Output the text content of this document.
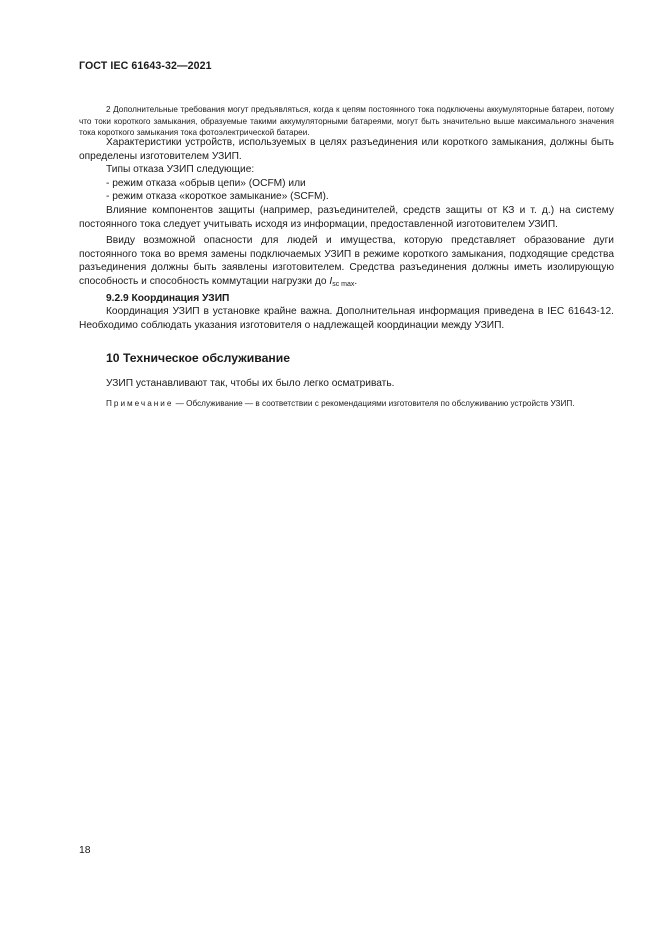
ГОСТ IEC 61643-32—2021

2 Дополнительные требования могут предъявляться, когда к цепям постоянного тока подключены аккумуляторные батареи, потому что токи короткого замыкания, образуемые такими аккумуляторными батареями, могут быть значительно выше максимального значения тока короткого замыкания тока фотоэлектрической батареи.

Характеристики устройств, используемых в целях разъединения или короткого замыкания, должны быть определены изготовителем УЗИП.

Типы отказа УЗИП следующие:

- режим отказа «обрыв цепи» (OCFM) или

- режим отказа «короткое замыкание» (SCFM).

Влияние компонентов защиты (например, разъединителей, средств защиты от КЗ и т. д.) на систему постоянного тока следует учитывать исходя из информации, предоставленной изготовителем УЗИП.

Ввиду возможной опасности для людей и имущества, которую представляет образование дуги постоянного тока во время замены подключаемых УЗИП в режиме короткого замыкания, подходящие средства разъединения должны быть заявлены изготовителем. Средства разъединения должны иметь изолирующую способность и способность коммутации нагрузки до $I_{sc max}$.

9.2.9 Координация УЗИП

Координация УЗИП в установке крайне важна. Дополнительная информация приведена в IEC 61643-12. Необходимо соблюдать указания изготовителя о надлежащей координации между УЗИП.

10 Техническое обслуживание

УЗИП устанавливают так, чтобы их было легко осматривать.

Примечание — Обслуживание — в соответствии с рекомендациями изготовителя по обслуживанию устройств УЗИП.

18
